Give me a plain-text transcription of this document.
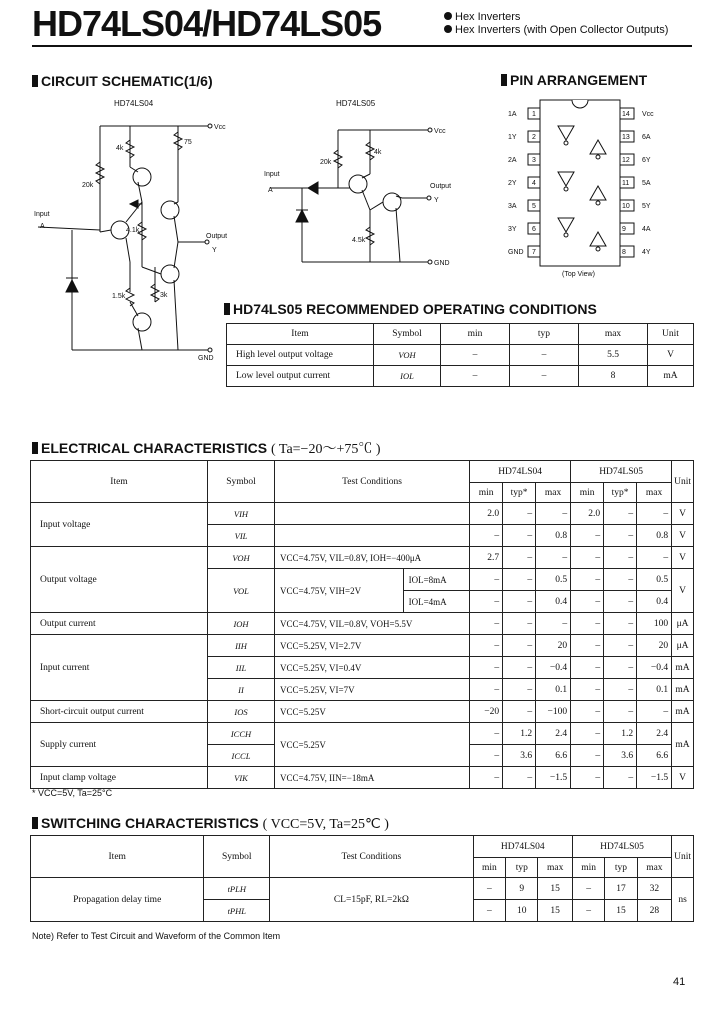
HD74LS04/HD74LS05	Hex Inverters
Hex Inverters (with Open Collector Outputs)
CIRCUIT SCHEMATIC(1/6)
HD74LS04
Vcc
20k
4k
75
4.1k
Output
Y
1.5k	3k
Input
A
GND
HD74LS05
Vcc
20k
4k
Output
Y
4.5k
Input
A
GND
PIN ARRANGEMENT
1A 1
1Y 2
2A 3
2Y 4
3A 5
3Y 6
GND 7
14 Vcc
13 6A
12 6Y
11 5A
10 5Y
9 4A
8 4Y
(Top View)
HD74LS05 RECOMMENDED OPERATING CONDITIONS
Item	Symbol	min	typ	max	Unit
High level output voltage	VOH	–	–	5.5	V
Low level output current	IOL	–	–	8	mA
ELECTRICAL CHARACTERISTICS ( Ta=−20～+75℃ )
Item	Symbol	Test Conditions		HD74LS04			HD74LS05			Unit
				min	typ*	max	min	typ*	max	
Input voltage	VIH			2.0	–	–	2.0	–	–	V
	VIL			–	–	0.8	–	–	0.8	V
Output voltage	VOH	VCC=4.75V, VIL=0.8V, IOH=−400μA		2.7	–	–	–	–	–	V
	VOL	VCC=4.75V, VIH=2V	IOL=8mA	–	–	0.5	–	–	0.5	V
			IOL=4mA	–	–	0.4	–	–	0.4	
Output current	IOH	VCC=4.75V, VIL=0.8V, VOH=5.5V		–	–	–	–	–	100	μA
Input current	IIH	VCC=5.25V, VI=2.7V		–	–	20	–	–	20	μA
	IIL	VCC=5.25V, VI=0.4V		–	–	−0.4	–	–	−0.4	mA
	II	VCC=5.25V, VI=7V		–	–	0.1	–	–	0.1	mA
Short-circuit output current	IOS	VCC=5.25V		−20	–	−100	–	–	–	mA
Supply current	ICCH	VCC=5.25V		–	1.2	2.4	–	1.2	2.4	mA
	ICCL			–	3.6	6.6	–	3.6	6.6	
Input clamp voltage	VIK	VCC=4.75V, IIN=−18mA		–	–	−1.5	–	–	−1.5	V
* VCC=5V, Ta=25°C
SWITCHING CHARACTERISTICS ( VCC=5V, Ta=25℃ )
Item	Symbol	Test Conditions	HD74LS04			HD74LS05			Unit
			min	typ	max	min	typ	max	
Propagation delay time	tPLH	CL=15pF, RL=2kΩ	–	9	15	–	17	32	ns
	tPHL		–	10	15	–	15	28	
Note) Refer to Test Circuit and Waveform of the Common Item
41
